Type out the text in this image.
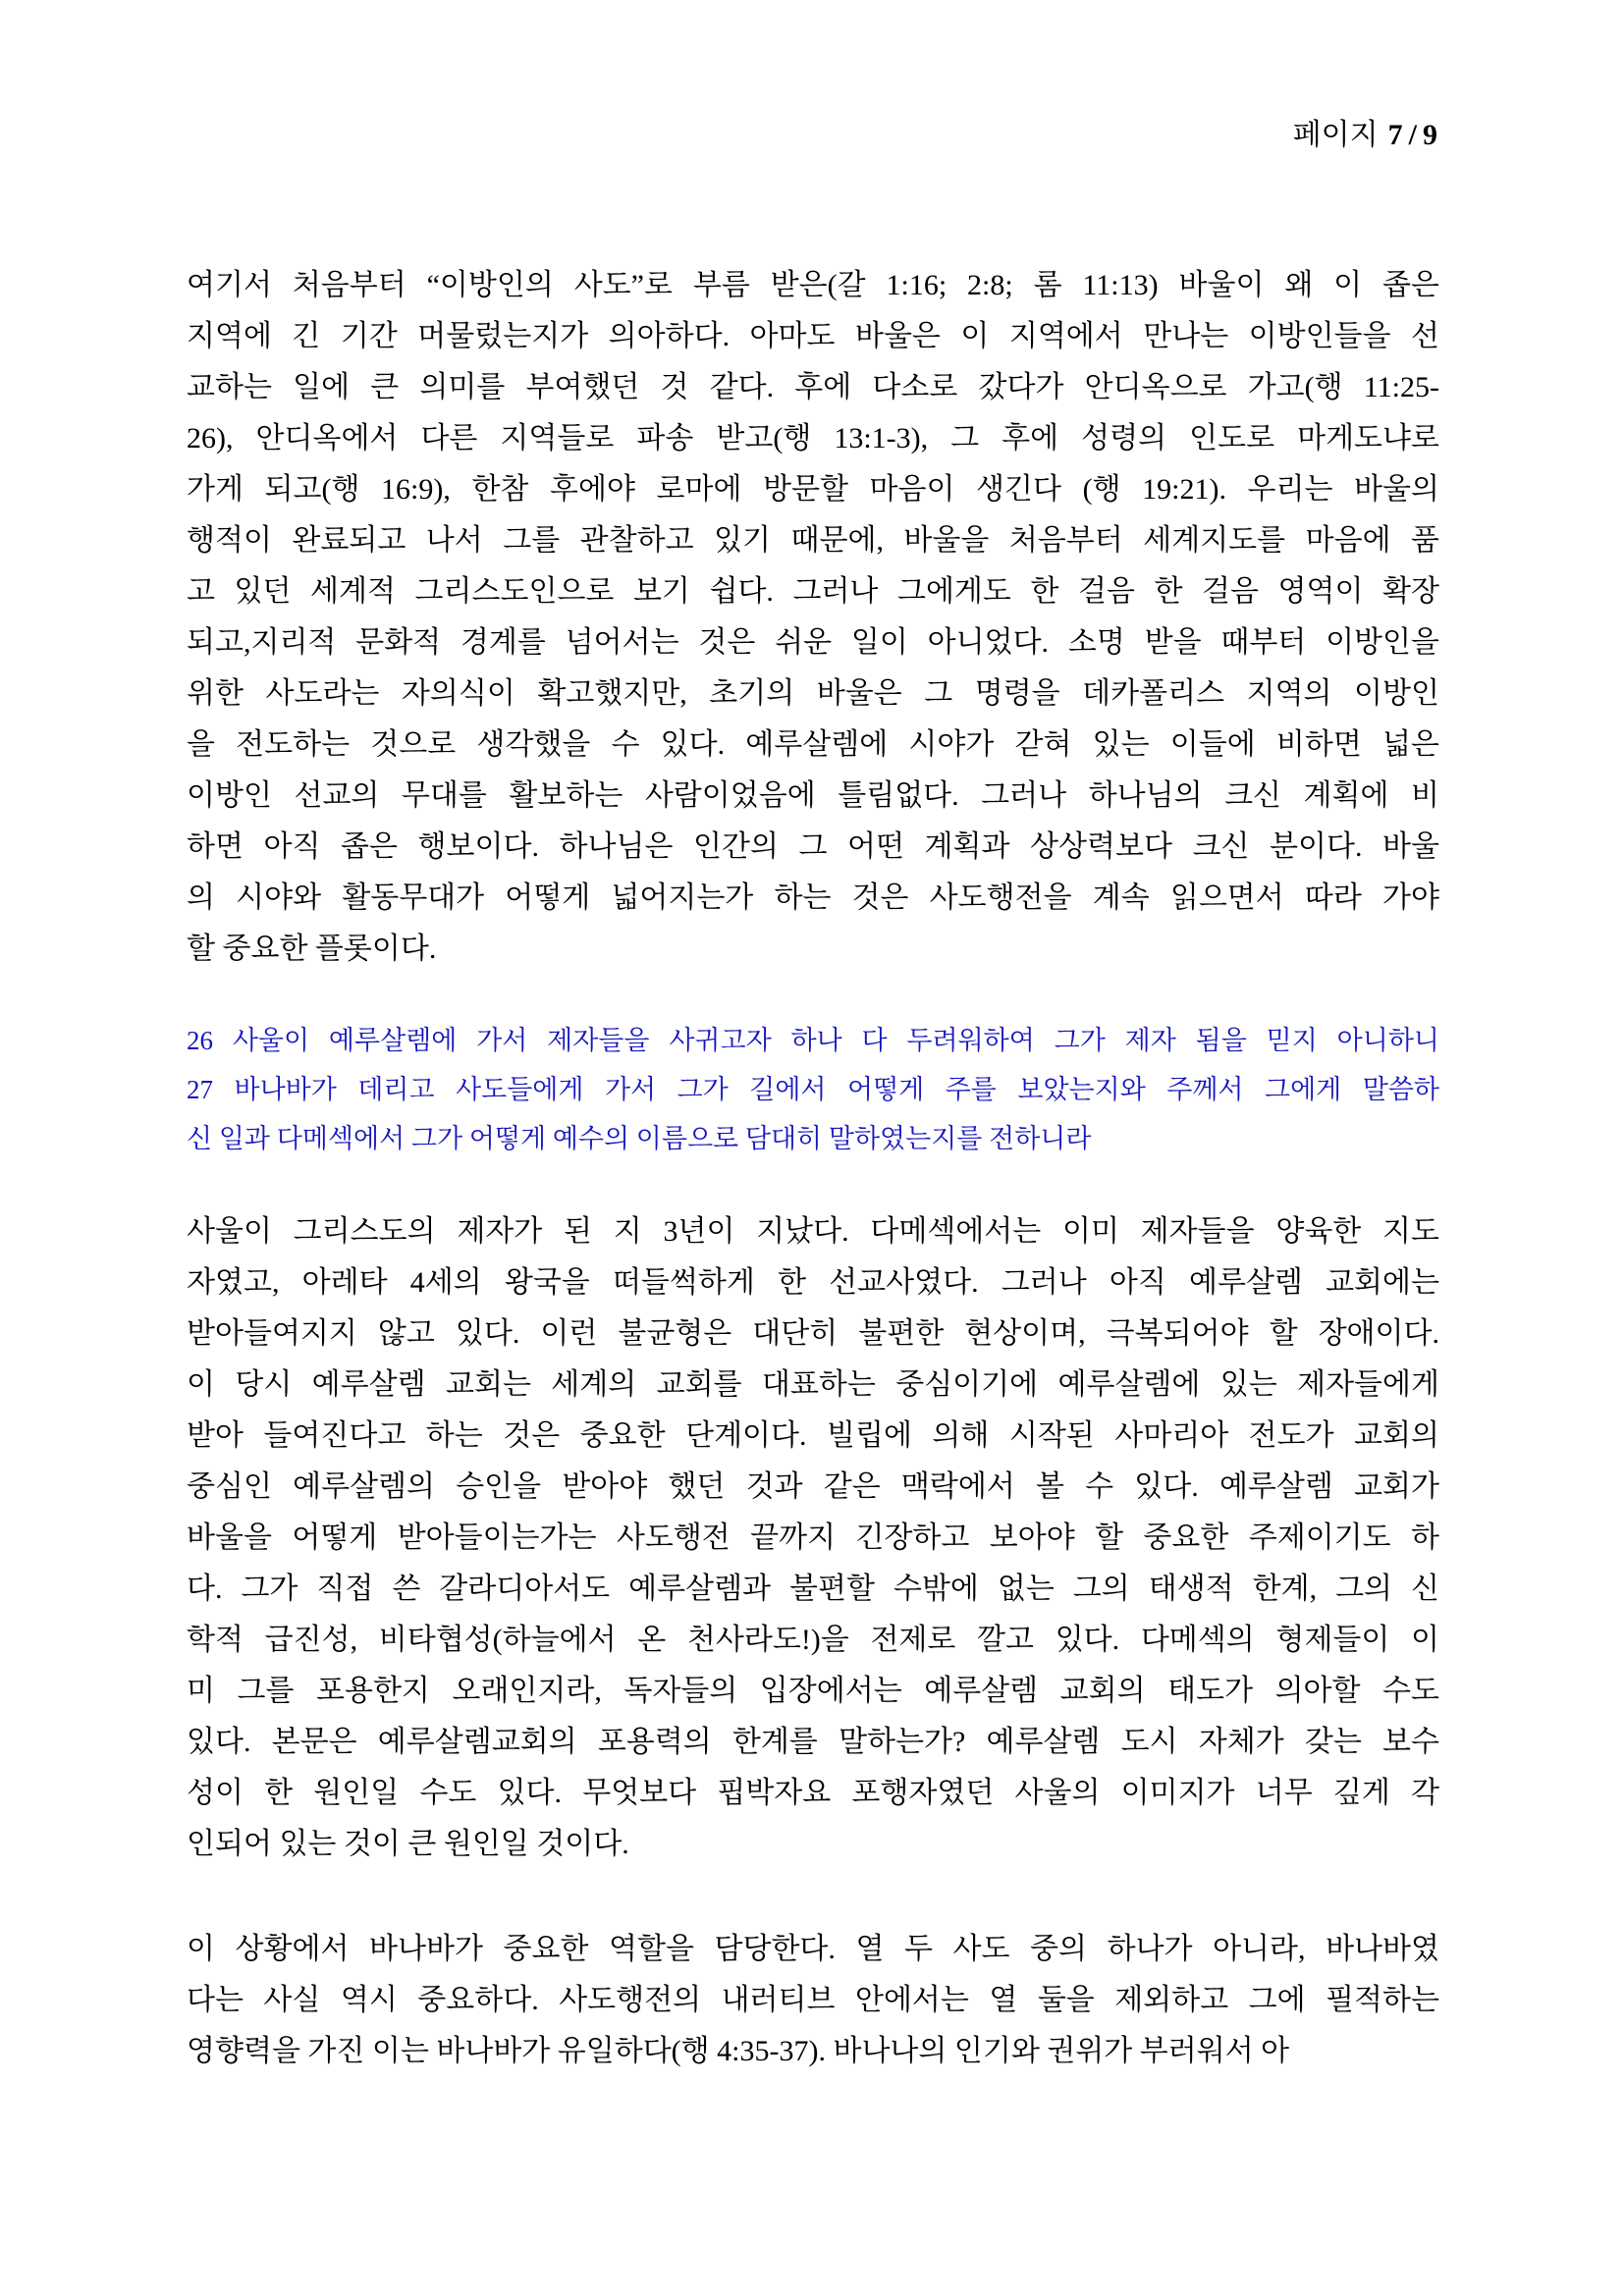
페이지 7 / 9
여기서 처음부터 “이방인의 사도”로 부름 받은(갈 1:16; 2:8; 롬 11:13) 바울이 왜 이 좁은
지역에 긴 기간 머물렀는지가 의아하다. 아마도 바울은 이 지역에서 만나는 이방인들을 선
교하는 일에 큰 의미를 부여했던 것 같다. 후에 다소로 갔다가 안디옥으로 가고(행 11:25-
26), 안디옥에서 다른 지역들로 파송 받고(행 13:1-3), 그 후에 성령의 인도로 마게도냐로
가게 되고(행 16:9), 한참 후에야 로마에 방문할 마음이 생긴다 (행 19:21). 우리는 바울의
행적이 완료되고 나서 그를 관찰하고 있기 때문에, 바울을 처음부터 세계지도를 마음에 품
고 있던 세계적 그리스도인으로 보기 쉽다. 그러나 그에게도 한 걸음 한 걸음 영역이 확장
되고,지리적 문화적 경계를 넘어서는 것은 쉬운 일이 아니었다. 소명 받을 때부터 이방인을
위한 사도라는 자의식이 확고했지만, 초기의 바울은 그 명령을 데카폴리스 지역의 이방인
을 전도하는 것으로 생각했을 수 있다. 예루살렘에 시야가 갇혀 있는 이들에 비하면 넓은
이방인 선교의 무대를 활보하는 사람이었음에 틀림없다. 그러나 하나님의 크신 계획에 비
하면 아직 좁은 행보이다. 하나님은 인간의 그 어떤 계획과 상상력보다 크신 분이다. 바울
의 시야와 활동무대가 어떻게 넓어지는가 하는 것은 사도행전을 계속 읽으면서 따라 가야
할 중요한 플롯이다.
26 사울이 예루살렘에 가서 제자들을 사귀고자 하나 다 두려워하여 그가 제자 됨을 믿지 아니하니
27 바나바가 데리고 사도들에게 가서 그가 길에서 어떻게 주를 보았는지와 주께서 그에게 말씀하
신 일과 다메섹에서 그가 어떻게 예수의 이름으로 담대히 말하였는지를 전하니라
사울이 그리스도의 제자가 된 지 3년이 지났다. 다메섹에서는 이미 제자들을 양육한 지도
자였고, 아레타 4세의 왕국을 떠들썩하게 한 선교사였다. 그러나 아직 예루살렘 교회에는
받아들여지지 않고 있다. 이런 불균형은 대단히 불편한 현상이며, 극복되어야 할 장애이다.
이 당시 예루살렘 교회는 세계의 교회를 대표하는 중심이기에 예루살렘에 있는 제자들에게
받아 들여진다고 하는 것은 중요한 단계이다. 빌립에 의해 시작된 사마리아 전도가 교회의
중심인 예루살렘의 승인을 받아야 했던 것과 같은 맥락에서 볼 수 있다. 예루살렘 교회가
바울을 어떻게 받아들이는가는 사도행전 끝까지 긴장하고 보아야 할 중요한 주제이기도 하
다. 그가 직접 쓴 갈라디아서도 예루살렘과 불편할 수밖에 없는 그의 태생적 한계, 그의 신
학적 급진성, 비타협성(하늘에서 온 천사라도!)을 전제로 깔고 있다. 다메섹의 형제들이 이
미 그를 포용한지 오래인지라, 독자들의 입장에서는 예루살렘 교회의 태도가 의아할 수도
있다. 본문은 예루살렘교회의 포용력의 한계를 말하는가? 예루살렘 도시 자체가 갖는 보수
성이 한 원인일 수도 있다. 무엇보다 핍박자요 포행자였던 사울의 이미지가 너무 깊게 각
인되어 있는 것이 큰 원인일 것이다.
이 상황에서 바나바가 중요한 역할을 담당한다. 열 두 사도 중의 하나가 아니라, 바나바였
다는 사실 역시 중요하다. 사도행전의 내러티브 안에서는 열 둘을 제외하고 그에 필적하는
영향력을 가진 이는 바나바가 유일하다(행 4:35-37). 바나나의 인기와 권위가 부러워서 아
